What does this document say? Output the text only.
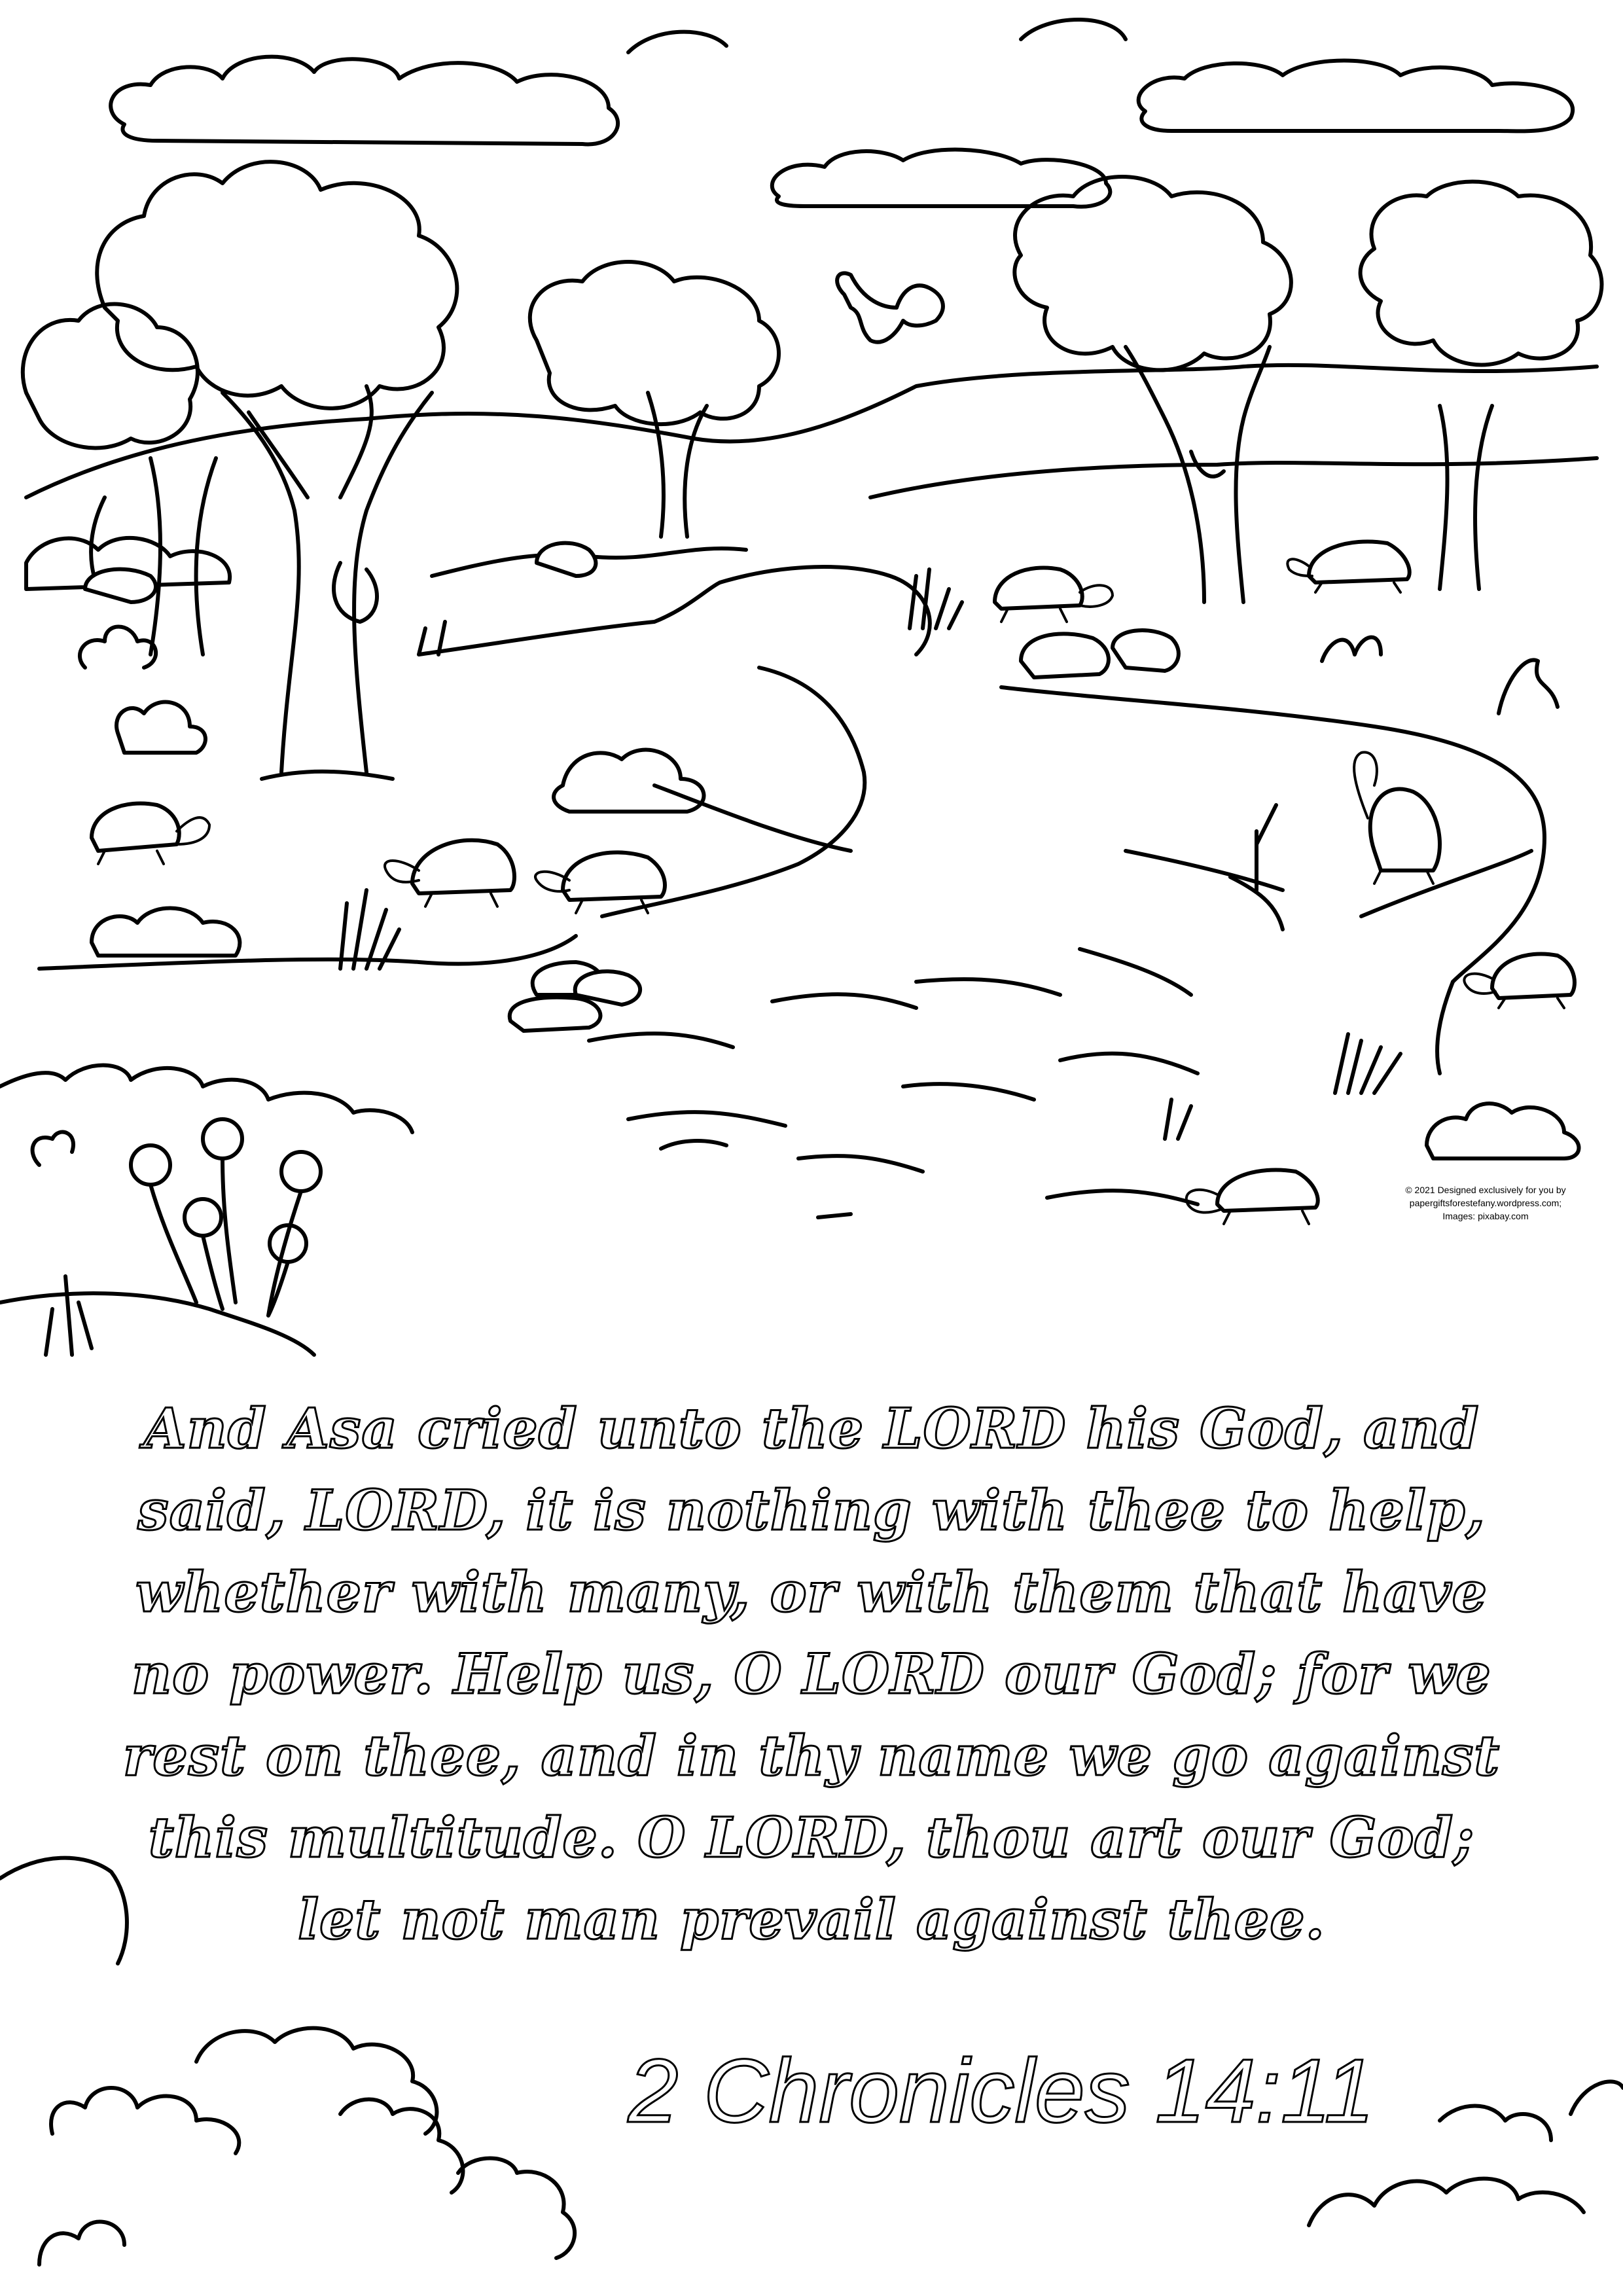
© 2021 Designed exclusively for you by
papergiftsforestefany.wordpress.com;
Images: pixabay.com
And Asa cried unto the LORD his God, and
said, LORD, it is nothing with thee to help,
whether with many, or with them that have
no power. Help us, O LORD our God; for we
rest on thee, and in thy name we go against
this multitude. O LORD, thou art our God;
let not man prevail against thee.
2 Chronicles 14:11
